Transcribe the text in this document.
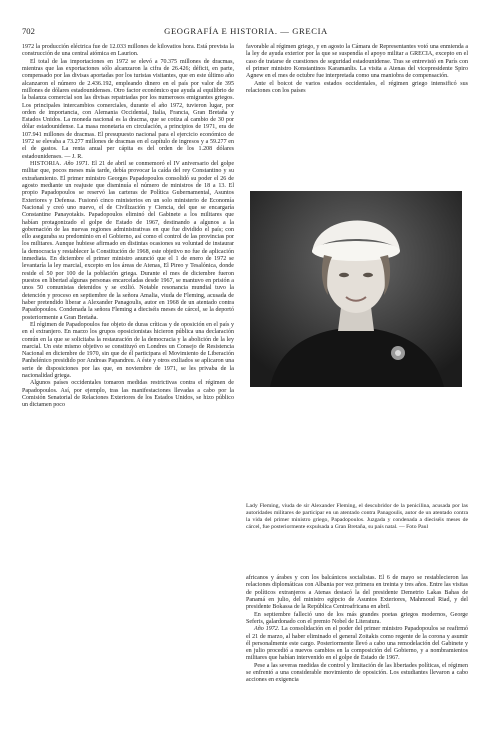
702	GEOGRAFÍA E HISTORIA. — GRECIA

1972 la producción eléctrica fue de 12.033 millones de kilovatios hora. Está prevista la construcción de una central atómica en Laurion.

El total de las importaciones en 1972 se elevó a 70.375 millones de dracmas, mientras que las exportaciones sólo alcanzaron la cifra de 26.426; déficit, en parte, compensado por las divisas aportadas por los turistas visitantes, que en este último año alcanzaron el número de 2.436.192, empleando dinero en el país por valor de 395 millones de dólares estadounidenses. Otro factor económico que ayuda al equilibrio de la balanza comercial son las divisas repatriadas por los numerosos emigrantes griegos. Los principales intercambios comerciales, durante el año 1972, tuvieron lugar, por orden de importancia, con Alemania Occidental, Italia, Francia, Gran Bretaña y Estados Unidos. La moneda nacional es la dracma, que se cotiza al cambio de 30 por dólar estadounidense. La masa monetaria en circulación, a principios de 1971, era de 107.941 millones de dracmas. El presupuesto nacional para el ejercicio económico de 1972 se elevaba a 73.277 millones de dracmas en el capítulo de ingresos y a 59.277 en el de gastos. La renta anual per cápita es del orden de los 1.208 dólares estadounidenses. — J. R.

HISTORIA. Año 1971. El 21 de abril se conmemoró el IV aniversario del golpe militar que, pocos meses más tarde, debía provocar la caída del rey Constantino y su extrañamiento. El primer ministro Georges Papadopoulos consolidó su poder el 26 de agosto mediante un reajuste que disminuía el número de ministros de 18 a 13. El propio Papadopoulos se reservó las carteras de Política Gubernamental, Asuntos Exteriores y Defensa. Fusionó cinco ministerios en un solo ministerio de Economía Nacional y creó uno nuevo, el de Civilización y Ciencia, del que se encargaría Constantine Panayotakis. Papadopoulos eliminó del Gabinete a los militares que habían protagonizado el golpe de Estado de 1967, destinando a algunos a la gobernación de las nuevas regiones administrativas en que fue dividido el país; con ello aseguraba su predominio en el Gobierno, así como el control de las provincias por los militares. Aunque hubiese afirmado en distintas ocasiones su voluntad de instaurar la democracia y restablecer la Constitución de 1968, este objetivo no fue de aplicación inmediata. En diciembre el primer ministro anunció que el 1 de enero de 1972 se levantaría la ley marcial, excepto en los áreas de Atenas, El Pireo y Tesalónica, donde reside el 50 por 100 de la población griega. Durante el mes de diciembre fueron puestos en libertad algunas personas encarceladas desde 1967, se mantuvo en prisión a unos 50 comunistas detenidos y se exilió. Notable resonancia mundial tuvo la detención y proceso en septiembre de la señora Amalia, viuda de Fleming, acusada de haber pretendido liberar a Alexander Panagoulis, autor en 1968 de un atentado contra Papadopoulos. Condenada la señora Fleming a dieciséis meses de cárcel, se la deportó posteriormente a Gran Bretaña.

El régimen de Papadopoulos fue objeto de duras críticas y de oposición en el país y en el extranjero. En marzo los grupos oposicionistas hicieron pública una declaración común en la que se solicitaba la restauración de la democracia y la abolición de la ley marcial. Un este mismo objetivo se constituyó en Londres un Consejo de Resistencia Nacional en diciembre de 1970, sin que de él participara el Movimiento de Liberación Panhelénico presidido por Andreas Papandreu. A éste y otros exiliados se aplicaron una serie de disposiciones por las que, en noviembre de 1971, se les privaba de la nacionalidad griega.

Algunos países occidentales tomaron medidas restrictivas contra el régimen de Papadopoulos. Así, por ejemplo, tras las manifestaciones llevadas a cabo por la Comisión Senatorial de Relaciones Exteriores de los Estados Unidos, se hizo público un dictamen poco

favorable al régimen griego, y en agosto la Cámara de Representantes votó una enmienda a la ley de ayuda exterior por la que se suspendía el apoyo militar a GRECIA, excepto en el caso de tratarse de cuestiones de seguridad estadounidense. Tras se entrevistó en París con el primer ministro Konstantinos Karamanlis. La visita a Atenas del vicepresidente Spiro Agnew en el mes de octubre fue interpretada como una maniobra de compensación.

Ante el boicot de varios estados occidentales, el régimen griego intensificó sus relaciones con los países

Lady Fleming, viuda de sir Alexander Fleming, el descubridor de la penicilina, acusada por las autoridades militares de participar en un atentado contra Panagoulis, autor de un atentado contra la vida del primer ministro griego, Papadopoulos. Juzgada y condenada a dieciséis meses de cárcel, fue posteriormente expulsada a Gran Bretaña, su país natal. — Foto Paul

africanos y árabes y con los balcánicos socialistas. El 6 de mayo se restablecieron las relaciones diplomáticas con Albania por vez primera en treinta y tres años. Entre las visitas de políticos extranjeros a Atenas destacó la del presidente Demetrio Lakas Bahas de Panamá en julio, del ministro egipcio de Asuntos Exteriores, Mahmoud Riad, y del presidente Bokassa de la República Centroafricana en abril.

En septiembre falleció uno de los más grandes poetas griegos modernos, George Seferis, galardonado con el premio Nobel de Literatura.

Año 1972. La consolidación en el poder del primer ministro Papadopoulos se reafirmó el 21 de marzo, al haber eliminado el general Zoitakis como regente de la corona y asumir él personalmente este cargo. Posteriormente llevó a cabo una remodelación del Gabinete y en julio procedió a nuevos cambios en la composición del Gobierno, y a nombramientos militares que habían intervenido en el golpe de Estado de 1967.

Pese a las severas medidas de control y limitación de las libertades políticas, el régimen se enfrentó a una considerable movimiento de oposición. Los estudiantes llevaron a cabo acciones en exigencia
